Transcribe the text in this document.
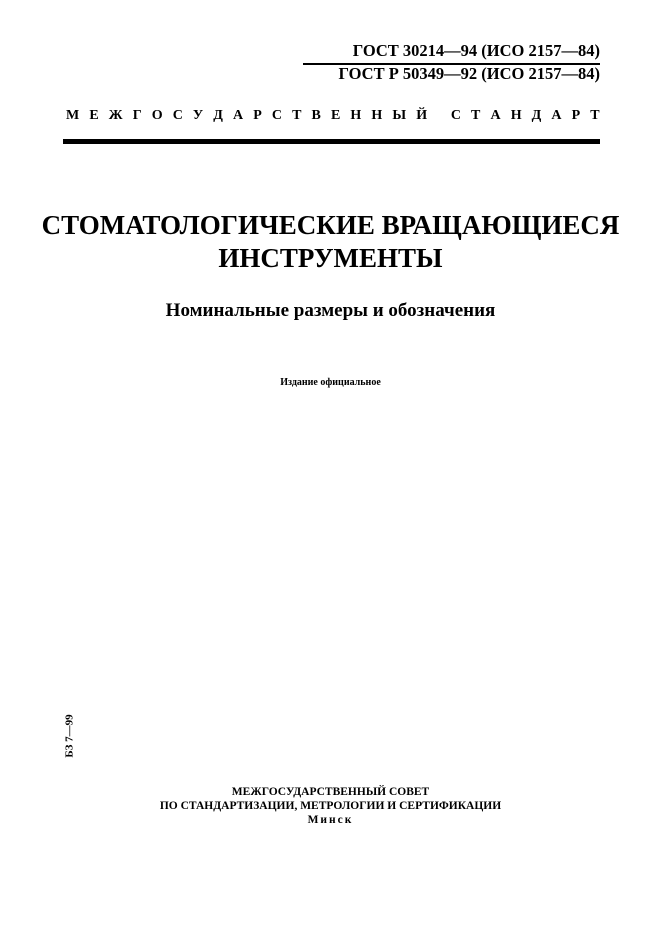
ГОСТ 30214—94 (ИСО 2157—84)
ГОСТ Р 50349—92 (ИСО 2157—84)
М Е Ж Г О С У Д А Р С Т В Е Н Н Ы Й
С Т А Н Д А Р Т
СТОМАТОЛОГИЧЕСКИЕ ВРАЩАЮЩИЕСЯ
ИНСТРУМЕНТЫ
Номинальные размеры и обозначения
Издание официальное
БЗ 7—99
МЕЖГОСУДАРСТВЕННЫЙ СОВЕТ
ПО СТАНДАРТИЗАЦИИ, МЕТРОЛОГИИ И СЕРТИФИКАЦИИ
Минск
